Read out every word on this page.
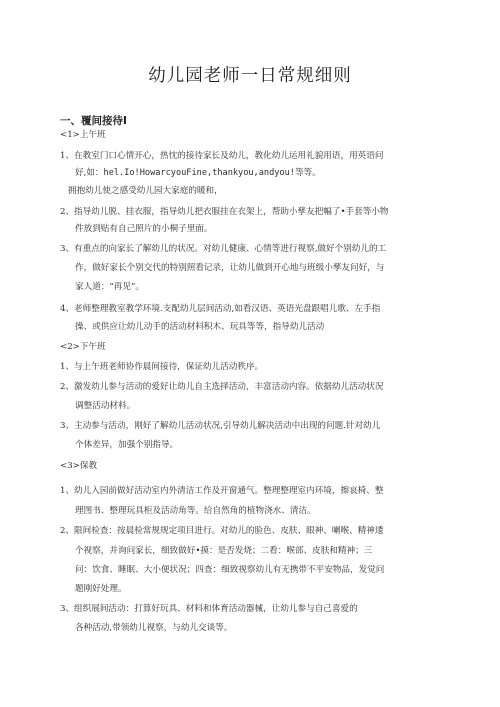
幼儿园老师一日常规细则
一、覆间接待I
<1>上午班
1、在教室门口心情开心，热忱的接待家长及幼儿，教化幼儿运用礼貌用语，用英语问
好,如：hel.Io!HowarcyouFine,thankyou,andyou!等等。
拥抱幼儿使之感受幼儿园大家庭的暖和，
2、指导幼儿脱、挂衣服，指导幼儿把衣服挂在衣架上，帮助小孳友把幅了•手套等小物
件放到贴有自己照片的小桐子里面。
3、有重点的向家长了解幼儿的状况。对幼儿健康、心情等进行视察,做好个别幼儿的工
作，做好家长个别交代的特别照看记录，让幼儿做到开心地与班级小孳友问好，与
家人道：“再见”。
4、老师整理教室教学环境.支配幼儿层间活动,如看汉语、英语光盘跟唱儿歌、左手指
操、或供应让幼儿动手的活动材料积木、玩具等等，指导幼儿活动
<2>下午班
1、与上午班老师协作晨间接待，保证幼儿活动秩序。
2、激发幼儿参与活动的爱好让幼儿自主选择活动，丰富活动内容。依据幼儿活动状况
调整活动材料。
3、主动参与活动，刚好了解幼儿活动状况,引导幼儿解决活动中出现的问题.针对幼儿
个体差异，加强个别指导。
<3>保教
1、幼儿入园前做好活动室内外清洁工作及开窗通气。整理整理室内环境，擦哀椅、整
理图书、整理玩具柜及活动角等。给自然角的植物浇水、清洁。
2、限间检查：按晨检常规规定项目进行。对幼儿的脸色、皮肤、眼神、喇喉、精神逶
个视察，并询问家长，细致做好•摸：是否发烧；二看：喉部、皮肤和精神；三
问：饮食、睡眠、大小便状况；四查：细致视察幼儿有无携带不平安物品，发觉问
题刚好处理。
3、组织展间活动：打算好玩具、材料和体育活动器械，让幼儿参与自己喜爱的
各种活动,带领幼儿视察，与幼儿交谈等。
